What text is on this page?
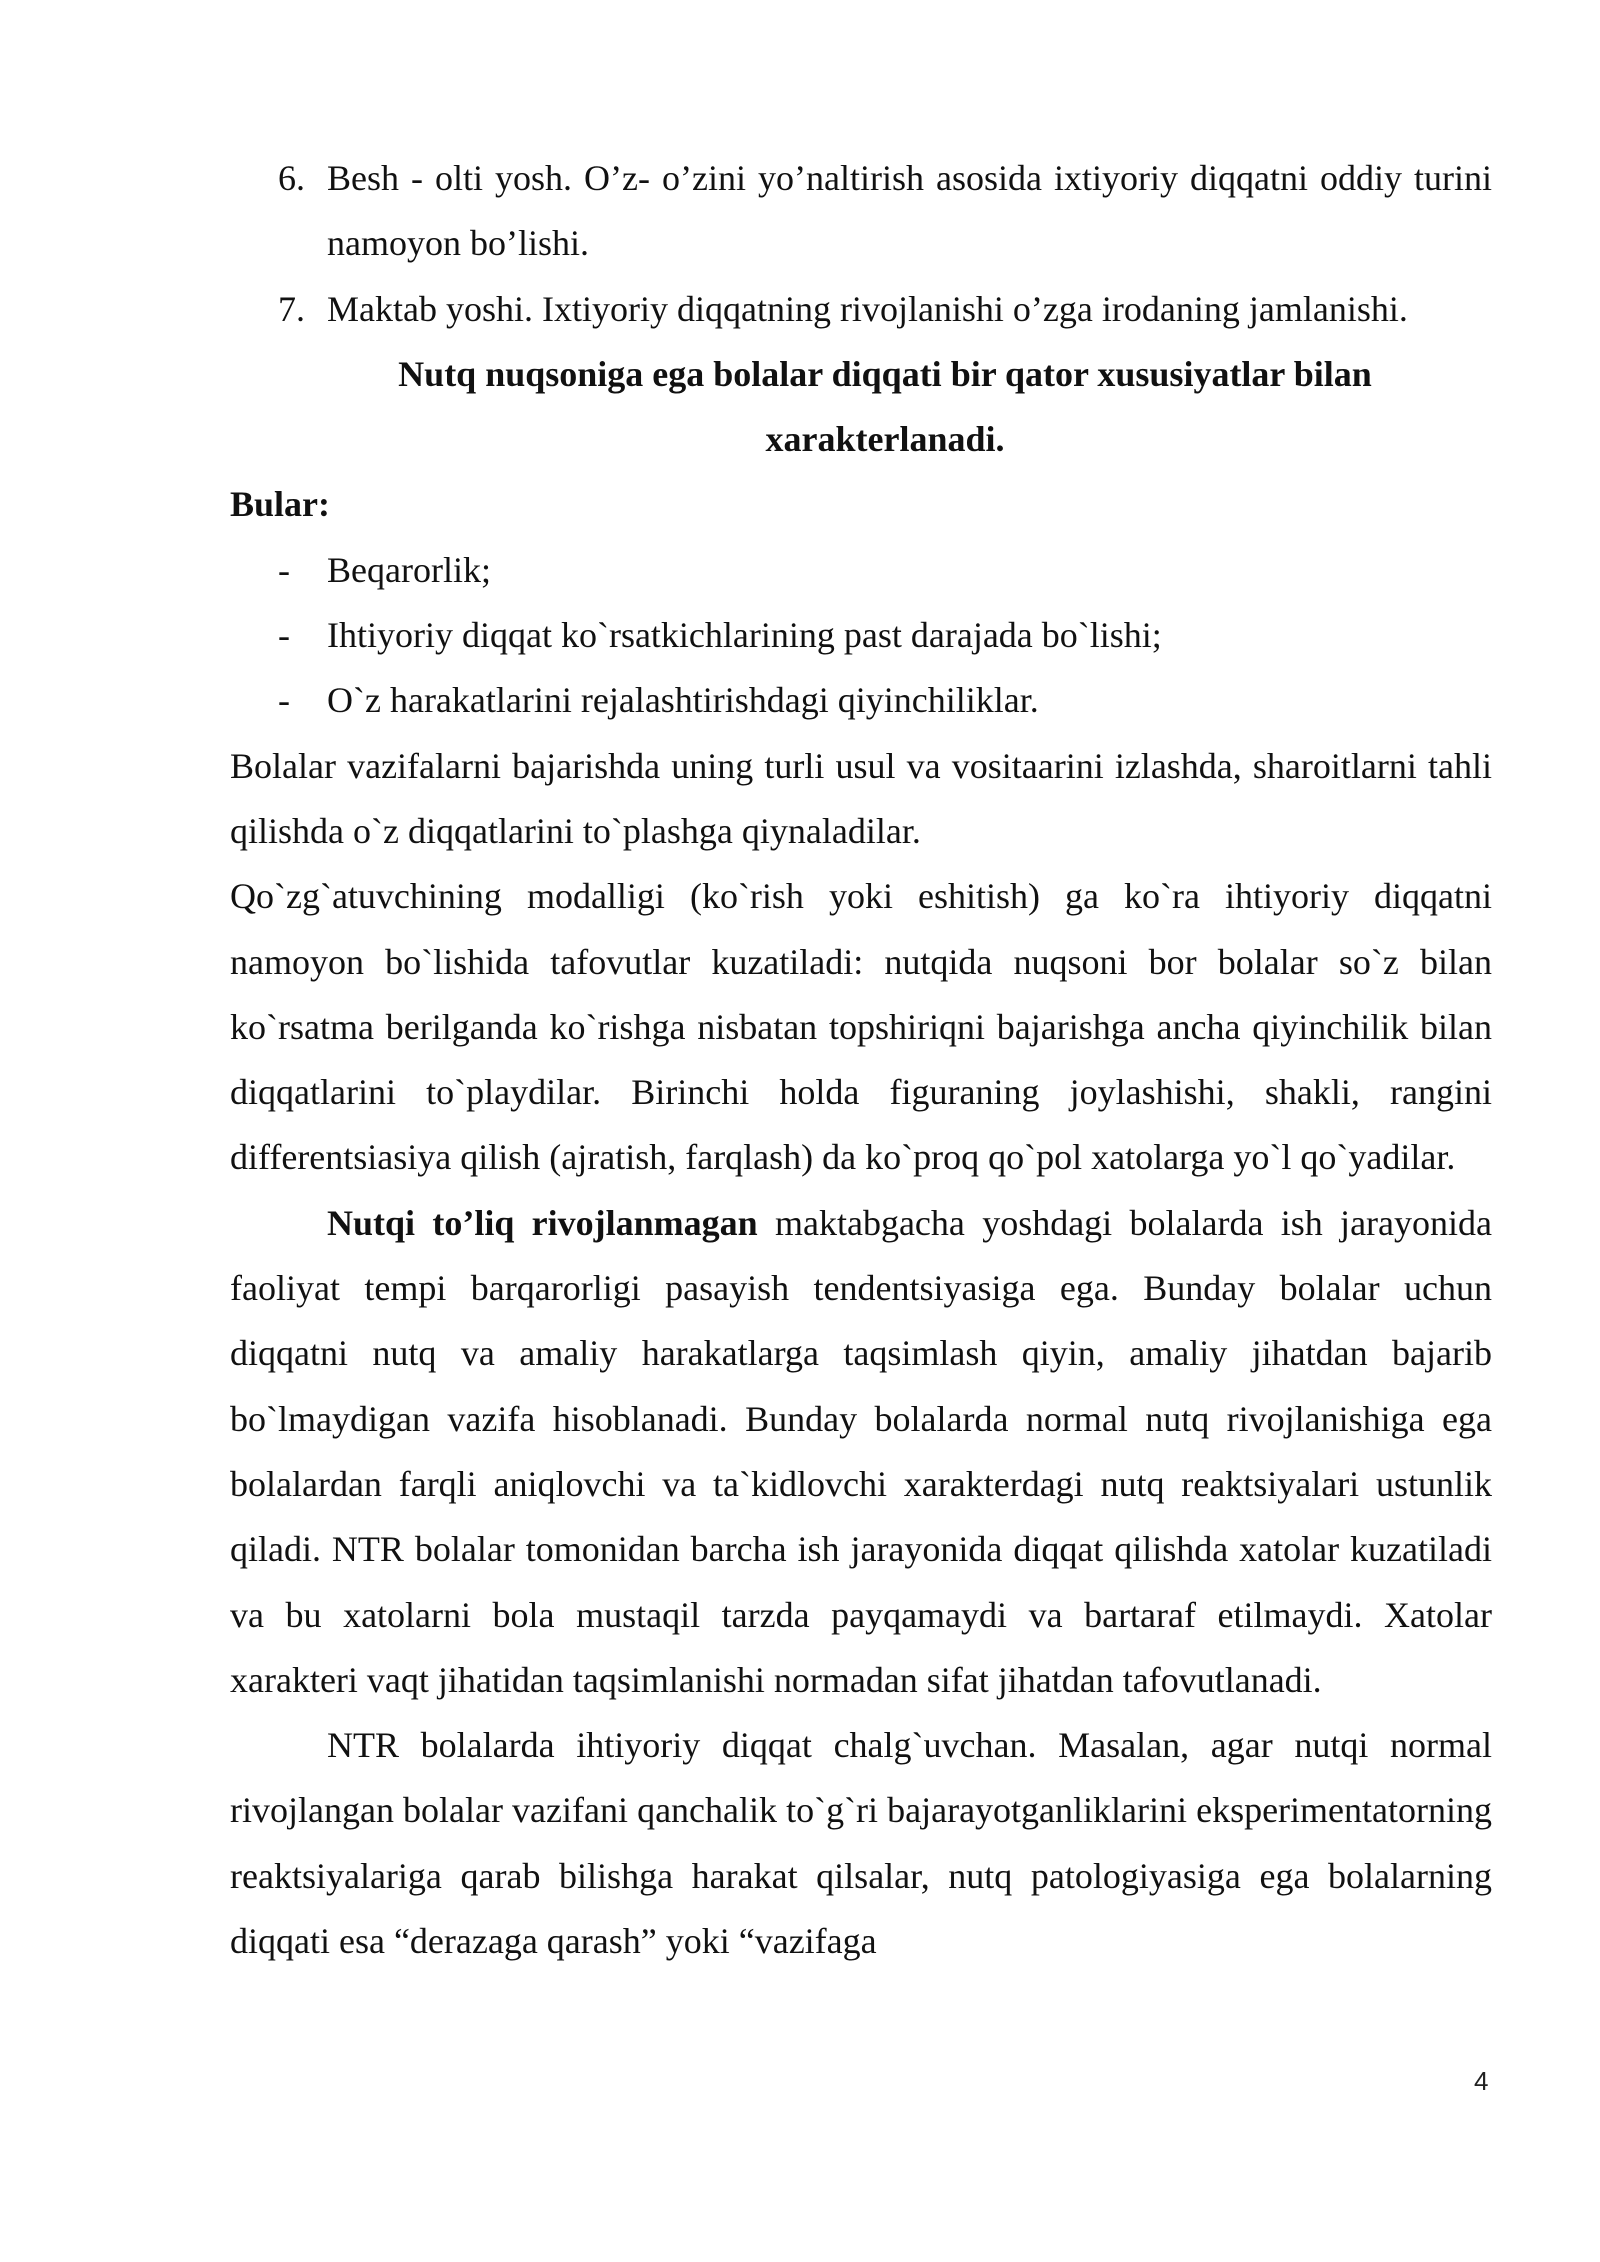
6. Besh - olti yosh. O’z- o’zini yo’naltirish asosida ixtiyoriy diqqatni oddiy turini namoyon bo’lishi.
7. Maktab yoshi. Ixtiyoriy diqqatning rivojlanishi o’zga irodaning jamlanishi.
Nutq nuqsoniga ega bolalar diqqati bir qator xususiyatlar bilan xarakterlanadi.
Bular:
-	Beqarorlik;
-	Ihtiyoriy diqqat ko`rsatkichlarining past darajada bo`lishi;
-	O`z harakatlarini rejalashtirishdagi qiyinchiliklar.

Bolalar vazifalarni bajarishda uning turli usul va vositaarini izlashda, sharoitlarni tahli qilishda o`z diqqatlarini to`plashga qiynaladilar.

Qo`zg`atuvchining modalligi (ko`rish yoki eshitish) ga ko`ra ihtiyoriy diqqatni namoyon bo`lishida tafovutlar kuzatiladi: nutqida nuqsoni bor bolalar so`z bilan ko`rsatma berilganda ko`rishga nisbatan topshiriqni bajarishga ancha qiyinchilik bilan diqqatlarini to`playdilar. Birinchi holda figuraning joylashishi, shakli, rangini differentsiasiya qilish (ajratish, farqlash) da ko`proq qo`pol xatolarga yo`l qo`yadilar.

Nutqi to’liq rivojlanmagan maktabgacha yoshdagi bolalarda ish jarayonida faoliyat tempi barqarorligi pasayish tendentsiyasiga ega. Bunday bolalar uchun diqqatni nutq va amaliy harakatlarga taqsimlash qiyin, amaliy jihatdan bajarib bo`lmaydigan vazifa hisoblanadi. Bunday bolalarda normal nutq rivojlanishiga ega bolalardan farqli aniqlovchi va ta`kidlovchi xarakterdagi nutq reaktsiyalari ustunlik qiladi. NTR bolalar tomonidan barcha ish jarayonida diqqat qilishda xatolar kuzatiladi va bu xatolarni bola mustaqil tarzda payqamaydi va bartaraf etilmaydi. Xatolar xarakteri vaqt jihatidan taqsimlanishi normadan sifat jihatdan tafovutlanadi.

NTR bolalarda ihtiyoriy diqqat chalg`uvchan. Masalan, agar nutqi normal rivojlangan bolalar vazifani qanchalik to`g`ri bajarayotganliklarini eksperimentatorning reaktsiyalariga qarab bilishga harakat qilsalar, nutq patologiyasiga ega bolalarning diqqati esa “derazaga qarash” yoki “vazifaga

4
